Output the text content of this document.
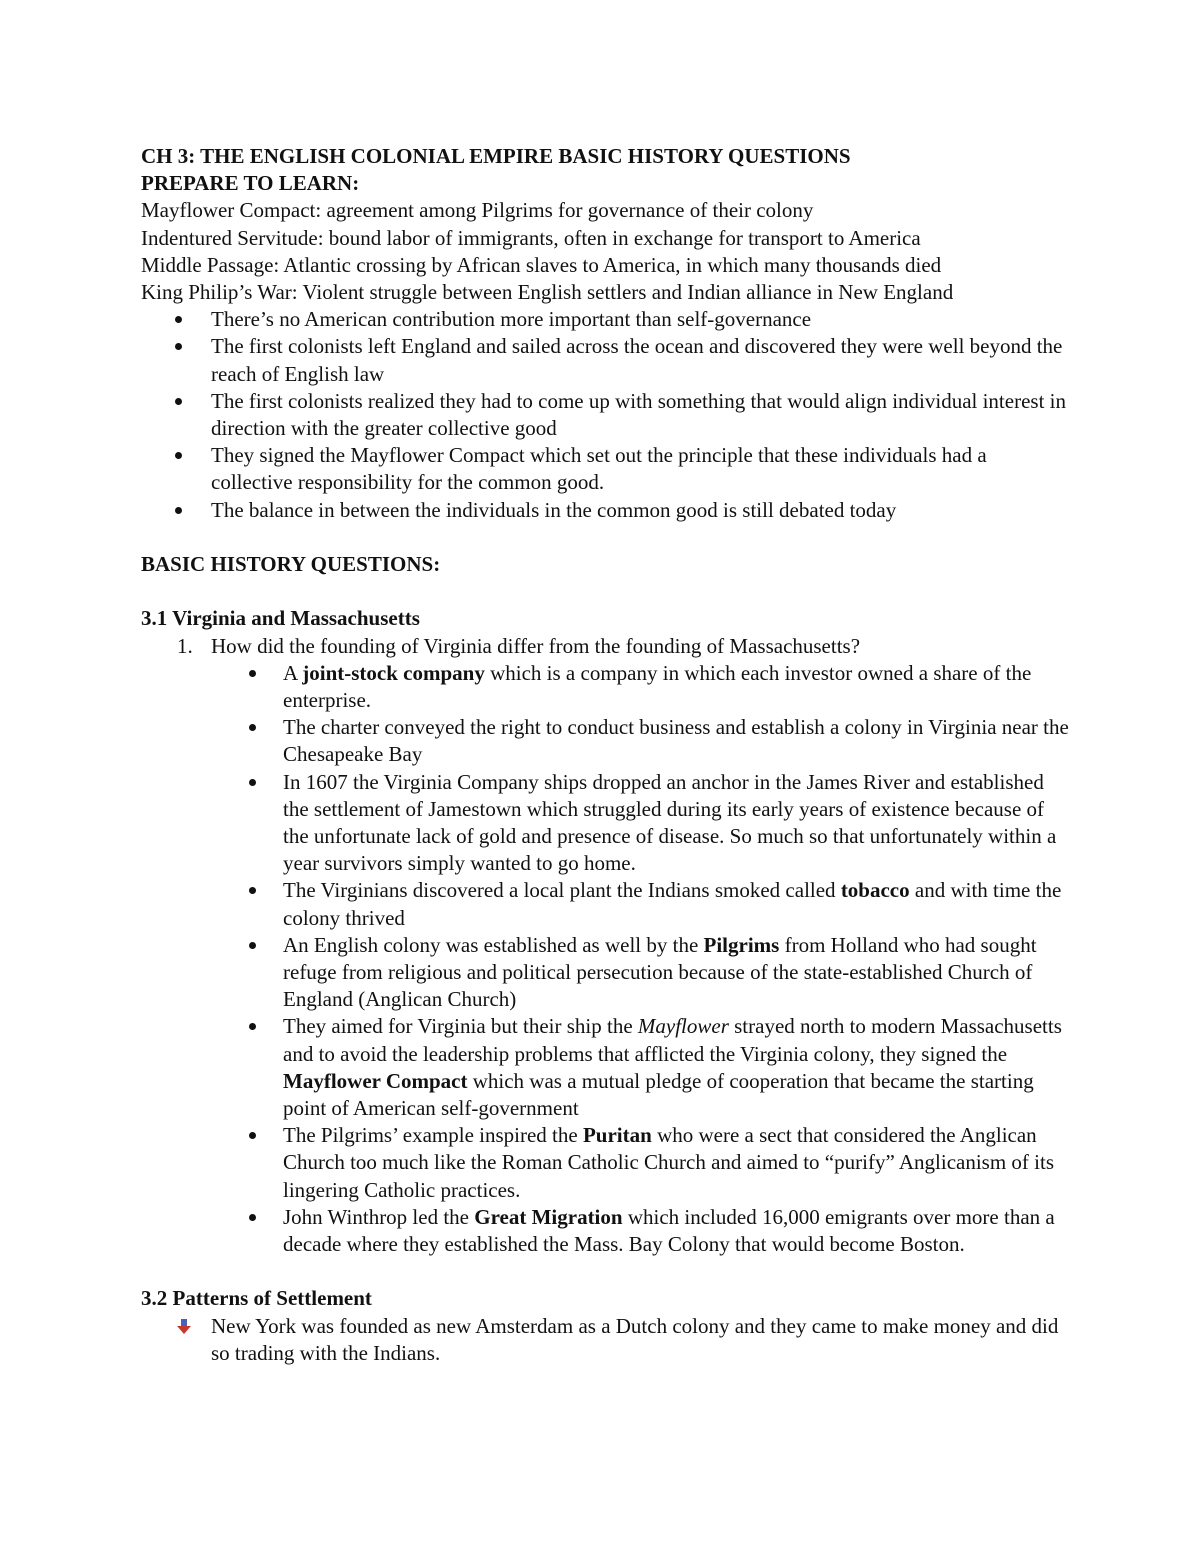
CH 3: THE ENGLISH COLONIAL EMPIRE BASIC HISTORY QUESTIONS

PREPARE TO LEARN:

Mayflower Compact: agreement among Pilgrims for governance of their colony

Indentured Servitude: bound labor of immigrants, often in exchange for transport to America

Middle Passage: Atlantic crossing by African slaves to America, in which many thousands died

King Philip’s War: Violent struggle between English settlers and Indian alliance in New England

There’s no American contribution more important than self-governance
The first colonists left England and sailed across the ocean and discovered they were well beyond the reach of English law
The first colonists realized they had to come up with something that would align individual interest in direction with the greater collective good
They signed the Mayflower Compact which set out the principle that these individuals had a collective responsibility for the common good.
The balance in between the individuals in the common good is still debated today

BASIC HISTORY QUESTIONS:

3.1 Virginia and Massachusetts

1. How did the founding of Virginia differ from the founding of Massachusetts?
A joint-stock company which is a company in which each investor owned a share of the enterprise.
The charter conveyed the right to conduct business and establish a colony in Virginia near the Chesapeake Bay
In 1607 the Virginia Company ships dropped an anchor in the James River and established the settlement of Jamestown which struggled during its early years of existence because of the unfortunate lack of gold and presence of disease. So much so that unfortunately within a year survivors simply wanted to go home.
The Virginians discovered a local plant the Indians smoked called tobacco and with time the colony thrived
An English colony was established as well by the Pilgrims from Holland who had sought refuge from religious and political persecution because of the state-established Church of England (Anglican Church)
They aimed for Virginia but their ship the Mayflower strayed north to modern Massachusetts and to avoid the leadership problems that afflicted the Virginia colony, they signed the Mayflower Compact which was a mutual pledge of cooperation that became the starting point of American self-government
The Pilgrims’ example inspired the Puritan who were a sect that considered the Anglican Church too much like the Roman Catholic Church and aimed to “purify” Anglicanism of its lingering Catholic practices.
John Winthrop led the Great Migration which included 16,000 emigrants over more than a decade where they established the Mass. Bay Colony that would become Boston.

3.2 Patterns of Settlement

New York was founded as new Amsterdam as a Dutch colony and they came to make money and did so trading with the Indians.
